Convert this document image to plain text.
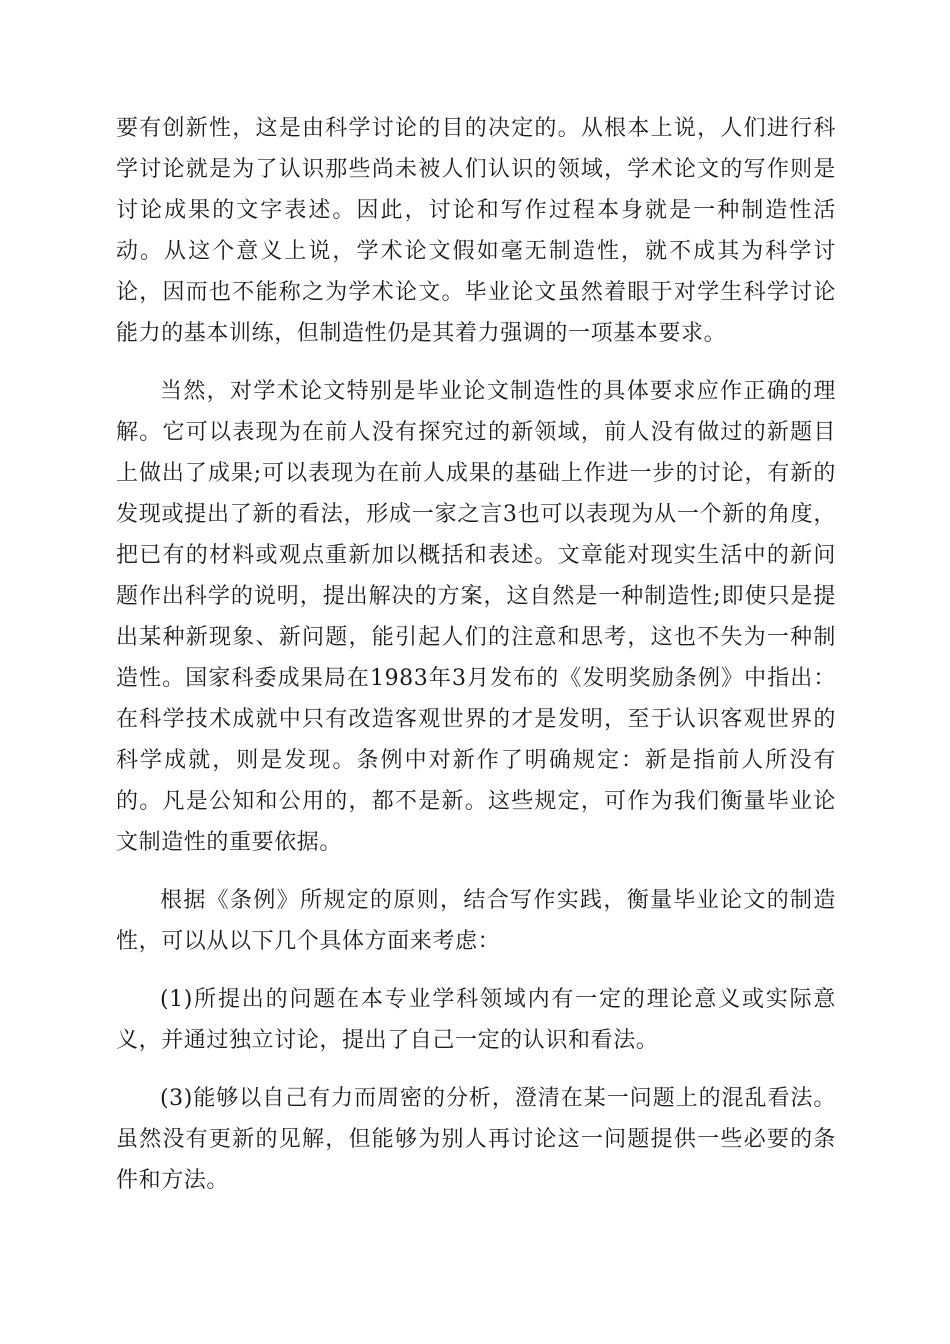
要有创新性，这是由科学讨论的目的决定的。从根本上说，人们进行科学讨论就是为了认识那些尚未被人们认识的领域，学术论文的写作则是讨论成果的文字表述。因此，讨论和写作过程本身就是一种制造性活动。从这个意义上说，学术论文假如毫无制造性，就不成其为科学讨论，因而也不能称之为学术论文。毕业论文虽然着眼于对学生科学讨论能力的基本训练，但制造性仍是其着力强调的一项基本要求。

当然，对学术论文特别是毕业论文制造性的具体要求应作正确的理解。它可以表现为在前人没有探究过的新领域，前人没有做过的新题目上做出了成果;可以表现为在前人成果的基础上作进一步的讨论，有新的发现或提出了新的看法，形成一家之言3也可以表现为从一个新的角度，把已有的材料或观点重新加以概括和表述。文章能对现实生活中的新问题作出科学的说明，提出解决的方案，这自然是一种制造性;即使只是提出某种新现象、新问题，能引起人们的注意和思考，这也不失为一种制造性。国家科委成果局在1983年3月发布的《发明奖励条例》中指出：在科学技术成就中只有改造客观世界的才是发明，至于认识客观世界的科学成就，则是发现。条例中对新作了明确规定：新是指前人所没有的。凡是公知和公用的，都不是新。这些规定，可作为我们衡量毕业论文制造性的重要依据。

根据《条例》所规定的原则，结合写作实践，衡量毕业论文的制造性，可以从以下几个具体方面来考虑：

(1)所提出的问题在本专业学科领域内有一定的理论意义或实际意义，并通过独立讨论，提出了自己一定的认识和看法。

(3)能够以自己有力而周密的分析，澄清在某一问题上的混乱看法。虽然没有更新的见解，但能够为别人再讨论这一问题提供一些必要的条件和方法。
